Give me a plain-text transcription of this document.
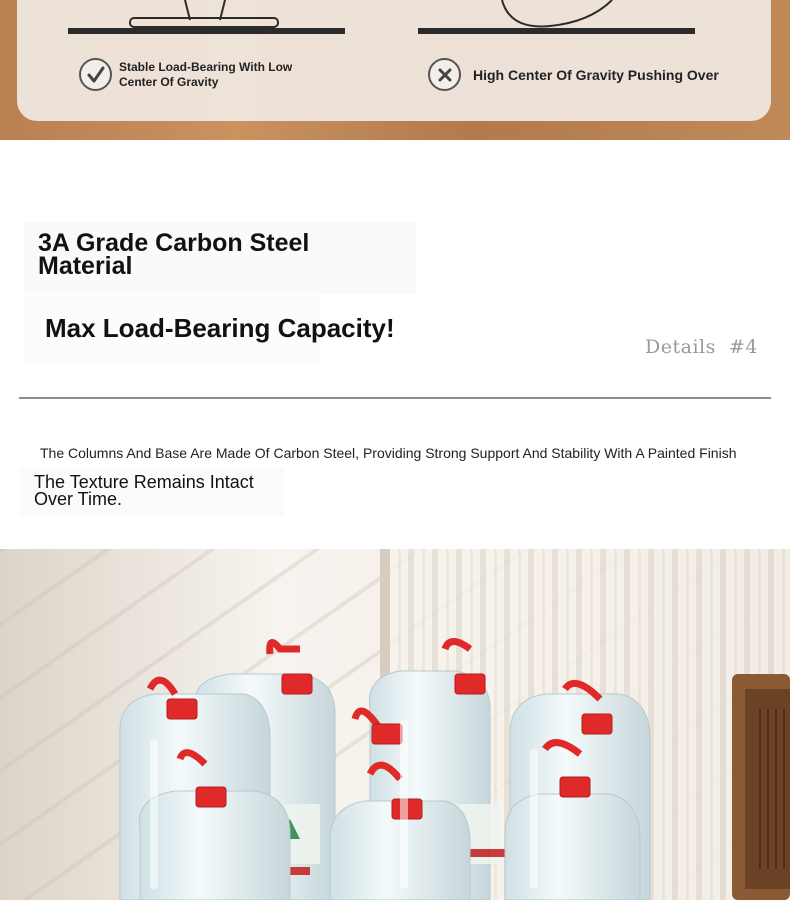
Stable Load-Bearing With Low Center Of Gravity	High Center Of Gravity Pushing Over
3A Grade Carbon Steel Material
Max Load-Bearing Capacity!
Details #4
The Columns And Base Are Made Of Carbon Steel, Providing Strong Support And Stability With A Painted Finish
The Texture Remains Intact Over Time.
